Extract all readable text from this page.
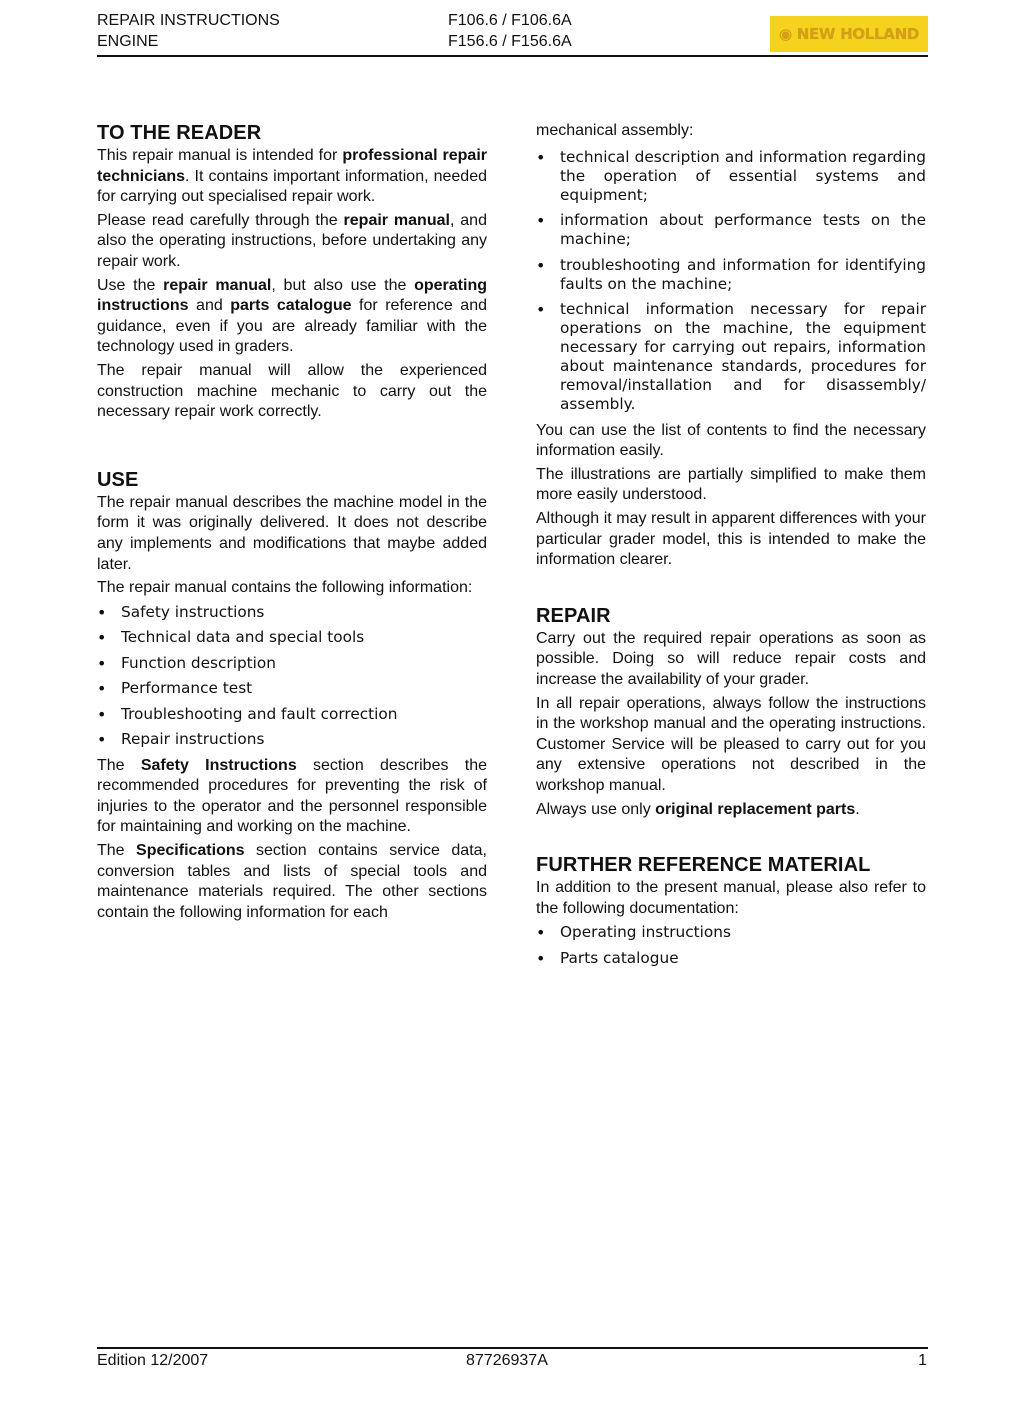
REPAIR INSTRUCTIONS
ENGINE
F106.6 / F106.6A
F156.6 / F156.6A	◉ NEW HOLLAND
TO THE READER

This repair manual is intended for professional repair technicians. It contains important information, needed for carrying out specialised repair work.

Please read carefully through the repair manual, and also the operating instructions, before undertaking any repair work.

Use the repair manual, but also use the operating instructions and parts catalogue for reference and guidance, even if you are already familiar with the technology used in graders.

The repair manual will allow the experienced construction machine mechanic to carry out the necessary repair work correctly.

USE

The repair manual describes the machine model in the form it was originally delivered. It does not describe any implements and modifications that maybe added later.

The repair manual contains the following information:

• Safety instructions
• Technical data and special tools
• Function description
• Performance test
• Troubleshooting and fault correction
• Repair instructions

The Safety Instructions section describes the recommended procedures for preventing the risk of injuries to the operator and the personnel responsible for maintaining and working on the machine.

The Specifications section contains service data, conversion tables and lists of special tools and maintenance materials required. The other sections contain the following information for each

mechanical assembly:

• technical description and information regarding the operation of essential systems and equipment;
• information about performance tests on the machine;
• troubleshooting and information for identifying faults on the machine;
• technical information necessary for repair operations on the machine, the equipment necessary for carrying out repairs, information about maintenance standards, procedures for removal/installation and for disassembly/ assembly.

You can use the list of contents to find the necessary information easily.

The illustrations are partially simplified to make them more easily understood.

Although it may result in apparent differences with your particular grader model, this is intended to make the information clearer.

REPAIR

Carry out the required repair operations as soon as possible. Doing so will reduce repair costs and increase the availability of your grader.

In all repair operations, always follow the instructions in the workshop manual and the operating instructions. Customer Service will be pleased to carry out for you any extensive operations not described in the workshop manual.

Always use only original replacement parts.

FURTHER REFERENCE MATERIAL

In addition to the present manual, please also refer to the following documentation:

• Operating instructions
• Parts catalogue
Edition 12/2007	87726937A	1
